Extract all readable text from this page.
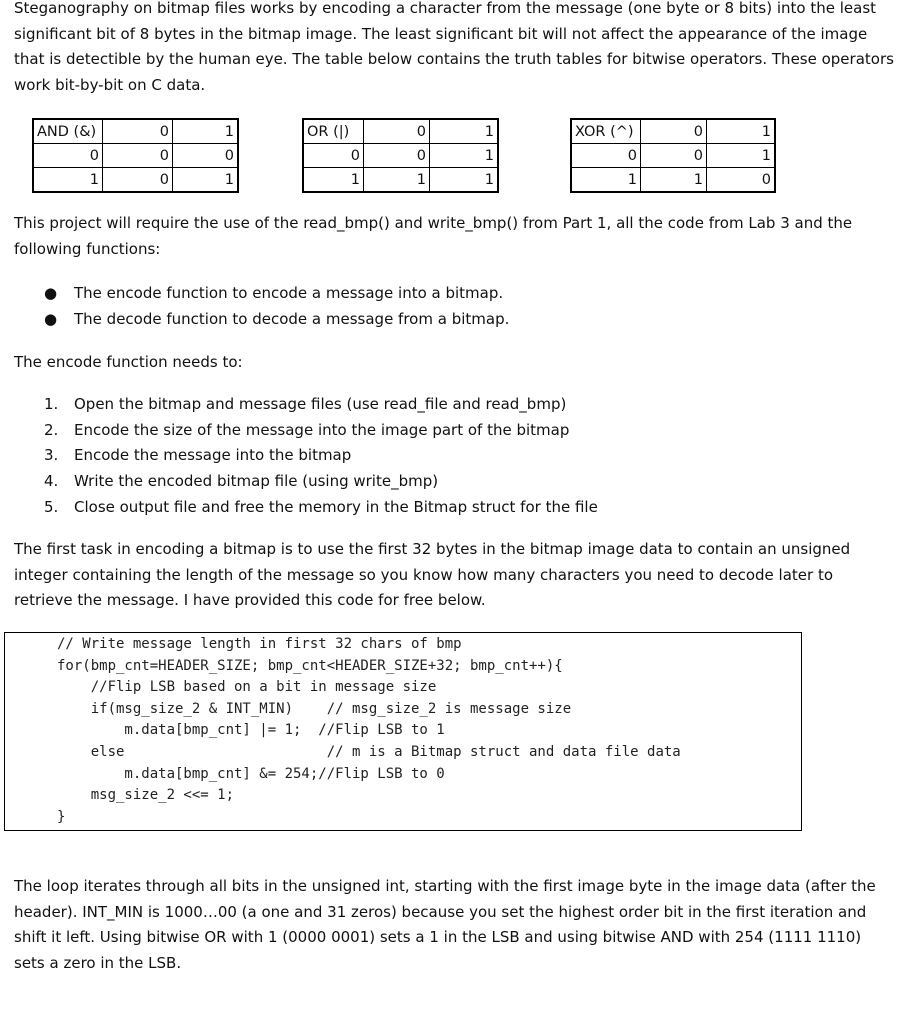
Steganography on bitmap files works by encoding a character from the message (one byte or 8 bits) into the least significant bit of 8 bytes in the bitmap image. The least significant bit will not affect the appearance of the image that is detectible by the human eye. The table below contains the truth tables for bitwise operators. These operators work bit-by-bit on C data.
AND (&)	0	1
0	0	0
1	0	1
OR (|)	0	1
0	0	1
1	1	1
XOR (^)	0	1
0	0	1
1	1	0
This project will require the use of the read_bmp() and write_bmp() from Part 1, all the code from Lab 3 and the following functions:
● The encode function to encode a message into a bitmap.
● The decode function to decode a message from a bitmap.
The encode function needs to:
1. Open the bitmap and message files (use read_file and read_bmp)
2. Encode the size of the message into the image part of the bitmap
3. Encode the message into the bitmap
4. Write the encoded bitmap file (using write_bmp)
5. Close output file and free the memory in the Bitmap struct for the file
The first task in encoding a bitmap is to use the first 32 bytes in the bitmap image data to contain an unsigned integer containing the length of the message so you know how many characters you need to decode later to retrieve the message. I have provided this code for free below.
// Write message length in first 32 chars of bmp
for(bmp_cnt=HEADER_SIZE; bmp_cnt<HEADER_SIZE+32; bmp_cnt++){
//Flip LSB based on a bit in message size
if(msg_size_2 & INT_MIN)    // msg_size_2 is message size
m.data[bmp_cnt] |= 1;  //Flip LSB to 1
else                        // m is a Bitmap struct and data file data
m.data[bmp_cnt] &= 254;//Flip LSB to 0
msg_size_2 <<= 1;
}
The loop iterates through all bits in the unsigned int, starting with the first image byte in the image data (after the header). INT_MIN is 1000…00 (a one and 31 zeros) because you set the highest order bit in the first iteration and shift it left. Using bitwise OR with 1 (0000 0001) sets a 1 in the LSB and using bitwise AND with 254 (1111 1110) sets a zero in the LSB.
